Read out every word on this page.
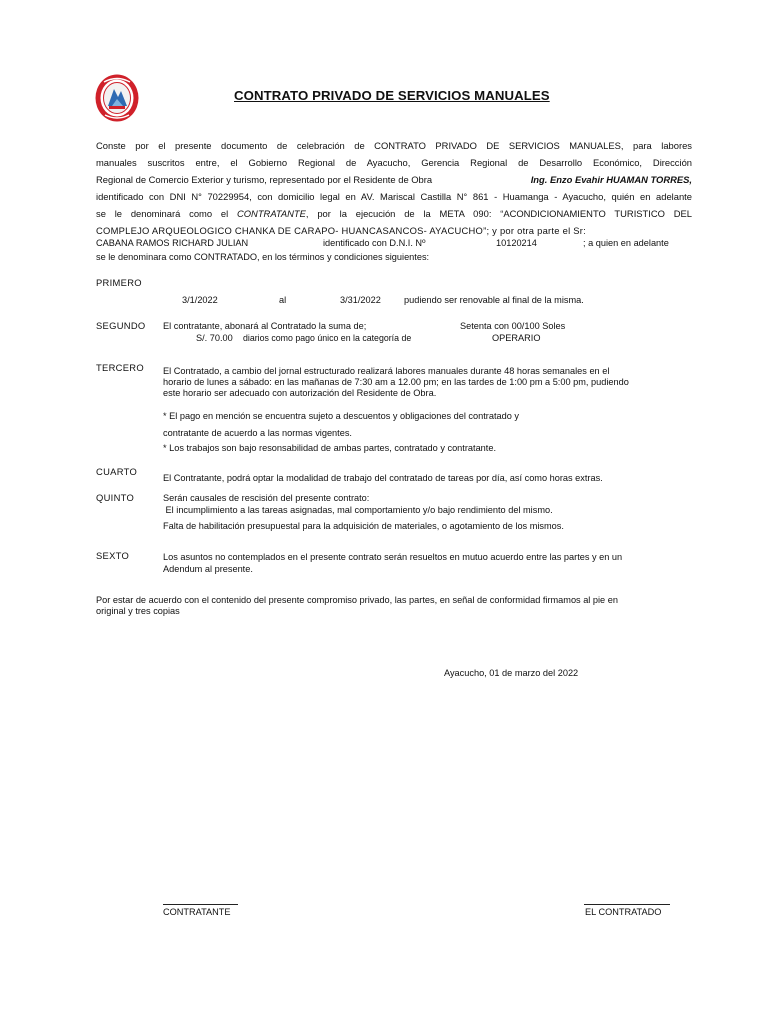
CONTRATO PRIVADO DE SERVICIOS MANUALES
Conste por el presente documento de celebración de CONTRATO PRIVADO DE SERVICIOS MANUALES, para labores
manuales suscritos entre, el Gobierno Regional de Ayacucho, Gerencia Regional de Desarrollo Económico, Dirección
Regional de Comercio Exterior y turismo, representado por el Residente de Obra	Ing. Enzo Evahir HUAMAN TORRES,
identificado con DNI N° 70229954, con domicilio legal en AV. Mariscal Castilla N° 861 - Huamanga - Ayacucho, quién en adelante
se le denominará como el CONTRATANTE, por la ejecución de la META 090: “ACONDICIONAMIENTO TURISTICO DEL
COMPLEJO ARQUEOLOGICO CHANKA DE CARAPO- HUANCASANCOS- AYACUCHO”; y por otra parte el Sr:
CABANA RAMOS RICHARD JULIAN	identificado con D.N.I. Nº	10120214	; a quien en adelante
se le denominara como CONTRATADO, en los términos y condiciones siguientes:
PRIMERO
3/1/2022	al	3/31/2022	pudiendo ser renovable al final de la misma.
SEGUNDO El contratante, abonará al Contratado la suma de;	Setenta con 00/100 Soles
S/. 70.00 diarios como pago único en la categoría de	OPERARIO
TERCERO El Contratado, a cambio del jornal estructurado realizará labores manuales durante 48 horas semanales en el
horario de lunes a sábado: en las mañanas de 7:30 am a 12.00 pm; en las tardes de 1:00 pm a 5:00 pm, pudiendo
este horario ser adecuado con autorización del Residente de Obra.
* El pago en mención se encuentra sujeto a descuentos y obligaciones del contratado y
contratante de acuerdo a las normas vigentes.
* Los trabajos son bajo resonsabilidad de ambas partes, contratado y contratante.
CUARTO
El Contratante, podrá optar la modalidad de trabajo del contratado de tareas por día, así como horas extras.
QUINTO	Serán causales de rescisión del presente contrato:
El incumplimiento a las tareas asignadas, mal comportamiento y/o bajo rendimiento del mismo.
Falta de habilitación presupuestal para la adquisición de materiales, o agotamiento de los mismos.
SEXTO	Los asuntos no contemplados en el presente contrato serán resueltos en mutuo acuerdo entre las partes y en un
Adendum al presente.
Por estar de acuerdo con el contenido del presente compromiso privado, las partes, en señal de conformidad firmamos al pie en
original y tres copias
Ayacucho, 01 de marzo del 2022
CONTRATANTE	EL CONTRATADO
